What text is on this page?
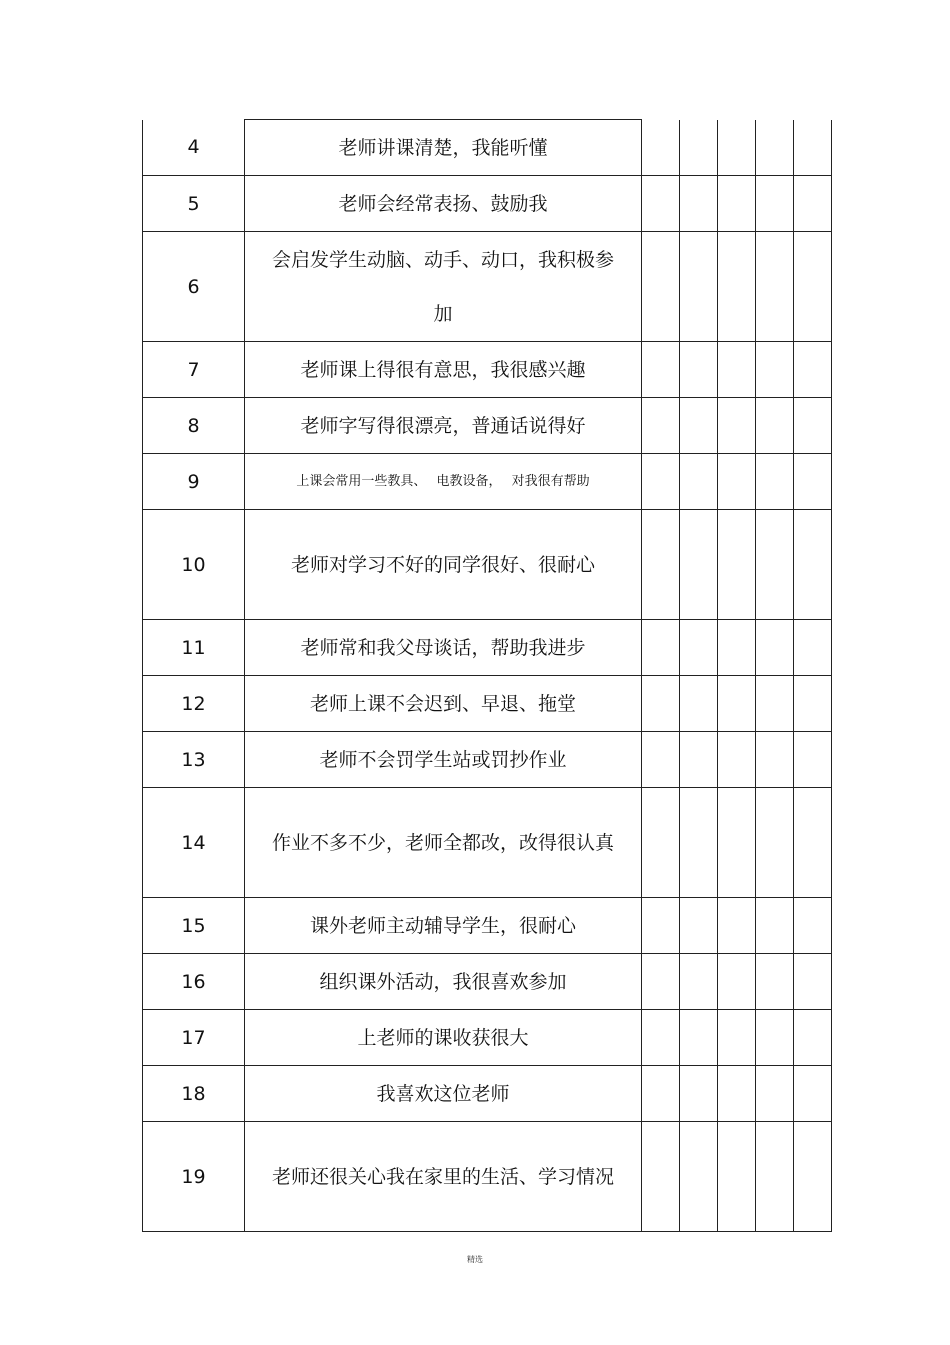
4	老师讲课清楚，我能听懂					

5	老师会经常表扬、鼓励我					

6	会启发学生动脑、动手、动口，我积极参加					

7	老师课上得很有意思，我很感兴趣					

8	老师字写得很漂亮，普通话说得好					

9	上课会常用一些教具、 电教设备， 对我很有帮助					

10	老师对学习不好的同学很好、很耐心					

11	老师常和我父母谈话，帮助我进步					

12	老师上课不会迟到、早退、拖堂					

13	老师不会罚学生站或罚抄作业					

14	作业不多不少，老师全都改，改得很认真					

15	课外老师主动辅导学生，很耐心					

16	组织课外活动，我很喜欢参加					

17	上老师的课收获很大					

18	我喜欢这位老师					

19	老师还很关心我在家里的生活、学习情况					

精选
